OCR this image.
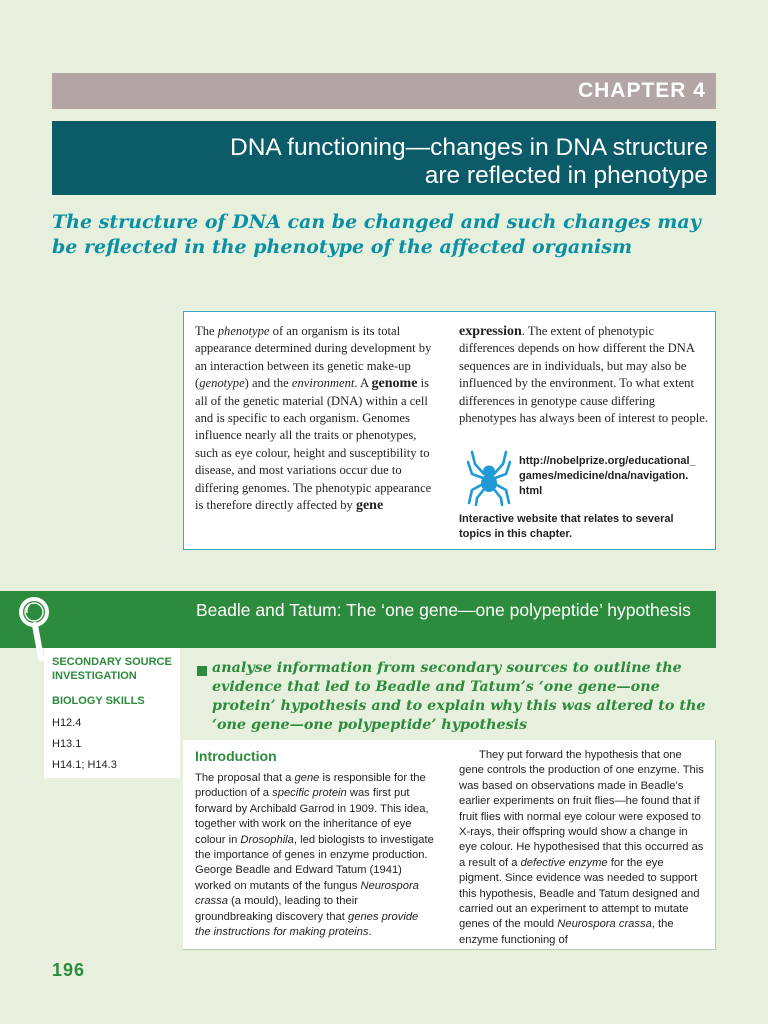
CHAPTER 4
DNA functioning—changes in DNA structure
are reflected in phenotype
The structure of DNA can be changed and such changes may be reflected in the phenotype of the affected organism
The phenotype of an organism is its total appearance determined during development by an interaction between its genetic make-up (genotype) and the environment. A genome is all of the genetic material (DNA) within a cell and is specific to each organism. Genomes influence nearly all the traits or phenotypes, such as eye colour, height and susceptibility to disease, and most variations occur due to differing genomes. The phenotypic appearance is therefore directly affected by gene
expression. The extent of phenotypic differences depends on how different the DNA sequences are in individuals, but may also be influenced by the environment. To what extent differences in genotype cause differing phenotypes has always been of interest to people.
http://nobelprize.org/educational_
games/medicine/dna/navigation.
html
Interactive website that relates to several topics in this chapter.
Beadle and Tatum: The ‘one gene—one polypeptide’ hypothesis
SECONDARY SOURCE
INVESTIGATION
BIOLOGY SKILLS
H12.4
H13.1
H14.1; H14.3
analyse information from secondary sources to outline the evidence that led to Beadle and Tatum’s ‘one gene—one protein’ hypothesis and to explain why this was altered to the ‘one gene—one polypeptide’ hypothesis
Introduction
The proposal that a gene is responsible for the production of a specific protein was first put forward by Archibald Garrod in 1909. This idea, together with work on the inheritance of eye colour in Drosophila, led biologists to investigate the importance of genes in enzyme production. George Beadle and Edward Tatum (1941) worked on mutants of the fungus Neurospora crassa (a mould), leading to their groundbreaking discovery that genes provide the instructions for making proteins.
They put forward the hypothesis that one gene controls the production of one enzyme. This was based on observations made in Beadle’s earlier experiments on fruit flies—he found that if fruit flies with normal eye colour were exposed to X-rays, their offspring would show a change in eye colour. He hypothesised that this occurred as a result of a defective enzyme for the eye pigment. Since evidence was needed to support this hypothesis, Beadle and Tatum designed and carried out an experiment to attempt to mutate genes of the mould Neurospora crassa, the enzyme functioning of
196
